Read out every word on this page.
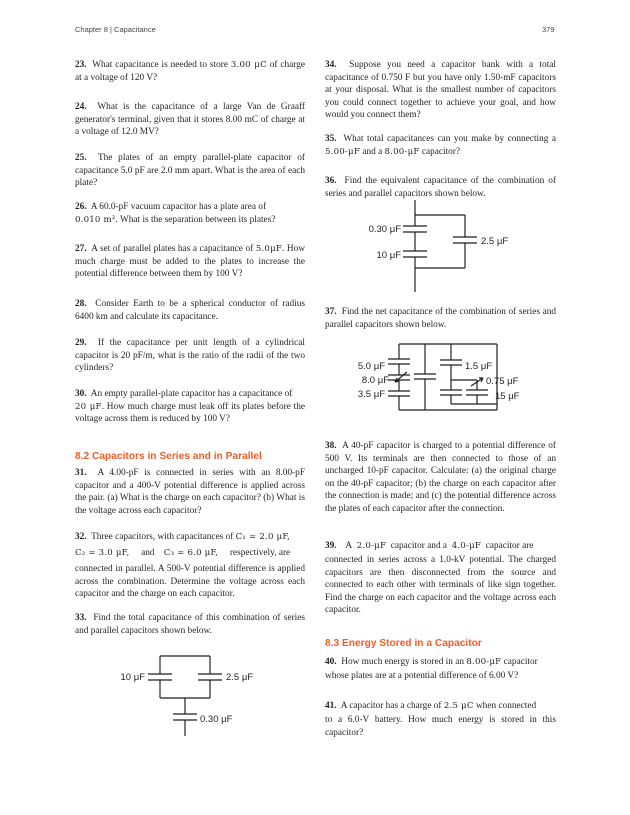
Chapter 8 | Capacitance	379

23. What capacitance is needed to store 3.00 μC of charge at a voltage of 120 V?

24. What is the capacitance of a large Van de Graaff generator's terminal, given that it stores 8.00 mC of charge at a voltage of 12.0 MV?

25. The plates of an empty parallel-plate capacitor of capacitance 5.0 pF are 2.0 mm apart. What is the area of each plate?

26. A 60.0-pF vacuum capacitor has a plate area of
0.010 m². What is the separation between its plates?

27. A set of parallel plates has a capacitance of 5.0μF. How much charge must be added to the plates to increase the potential difference between them by 100 V?

28. Consider Earth to be a spherical conductor of radius 6400 km and calculate its capacitance.

29. If the capacitance per unit length of a cylindrical capacitor is 20 pF/m, what is the ratio of the radii of the two cylinders?

30. An empty parallel-plate capacitor has a capacitance of
20 μF. How much charge must leak off its plates before the voltage across them is reduced by 100 V?

8.2 Capacitors in Series and in Parallel

31. A 4.00-pF is connected in series with an 8.00-pF capacitor and a 400-V potential difference is applied across the pair. (a) What is the charge on each capacitor? (b) What is the voltage across each capacitor?

32. Three capacitors, with capacitances of C₁ = 2.0 μF,
C₂ = 3.0 μF, and C₃ = 6.0 μF, respectively, are

connected in parallel. A 500-V potential difference is applied across the combination. Determine the voltage across each capacitor and the charge on each capacitor.

33. Find the total capacitance of this combination of series and parallel capacitors shown below.

10 μF	2.5 μF
0.30 μF

34. Suppose you need a capacitor bank with a total capacitance of 0.750 F but you have only 1.50-mF capacitors at your disposal. What is the smallest number of capacitors you could connect together to achieve your goal, and how would you connect them?

35. What total capacitances can you make by connecting a 5.00-μF and a 8.00-μF capacitor?

36. Find the equivalent capacitance of the combination of series and parallel capacitors shown below.

0.30 μF
10 μF
2.5 μF

37. Find the net capacitance of the combination of series and parallel capacitors shown below.

5.0 μF
8.0 μF
3.5 μF
1.5 μF
0.75 μF
15 μF

38. A 40-pF capacitor is charged to a potential difference of 500 V. Its terminals are then connected to those of an uncharged 10-pF capacitor. Calculate: (a) the original charge on the 40-pF capacitor; (b) the charge on each capacitor after the connection is made; and (c) the potential difference across the plates of each capacitor after the connection.

39. A 2.0-μF capacitor and a 4.0-μF capacitor are

connected in series across a 1.0-kV potential. The charged capacitors are then disconnected from the source and connected to each other with terminals of like sign together. Find the charge on each capacitor and the voltage across each capacitor.

8.3 Energy Stored in a Capacitor

40. How much energy is stored in an 8.00-μF capacitor

whose plates are at a potential difference of 6.00 V?

41. A capacitor has a charge of 2.5 μC when connected

to a 6.0-V battery. How much energy is stored in this capacitor?
